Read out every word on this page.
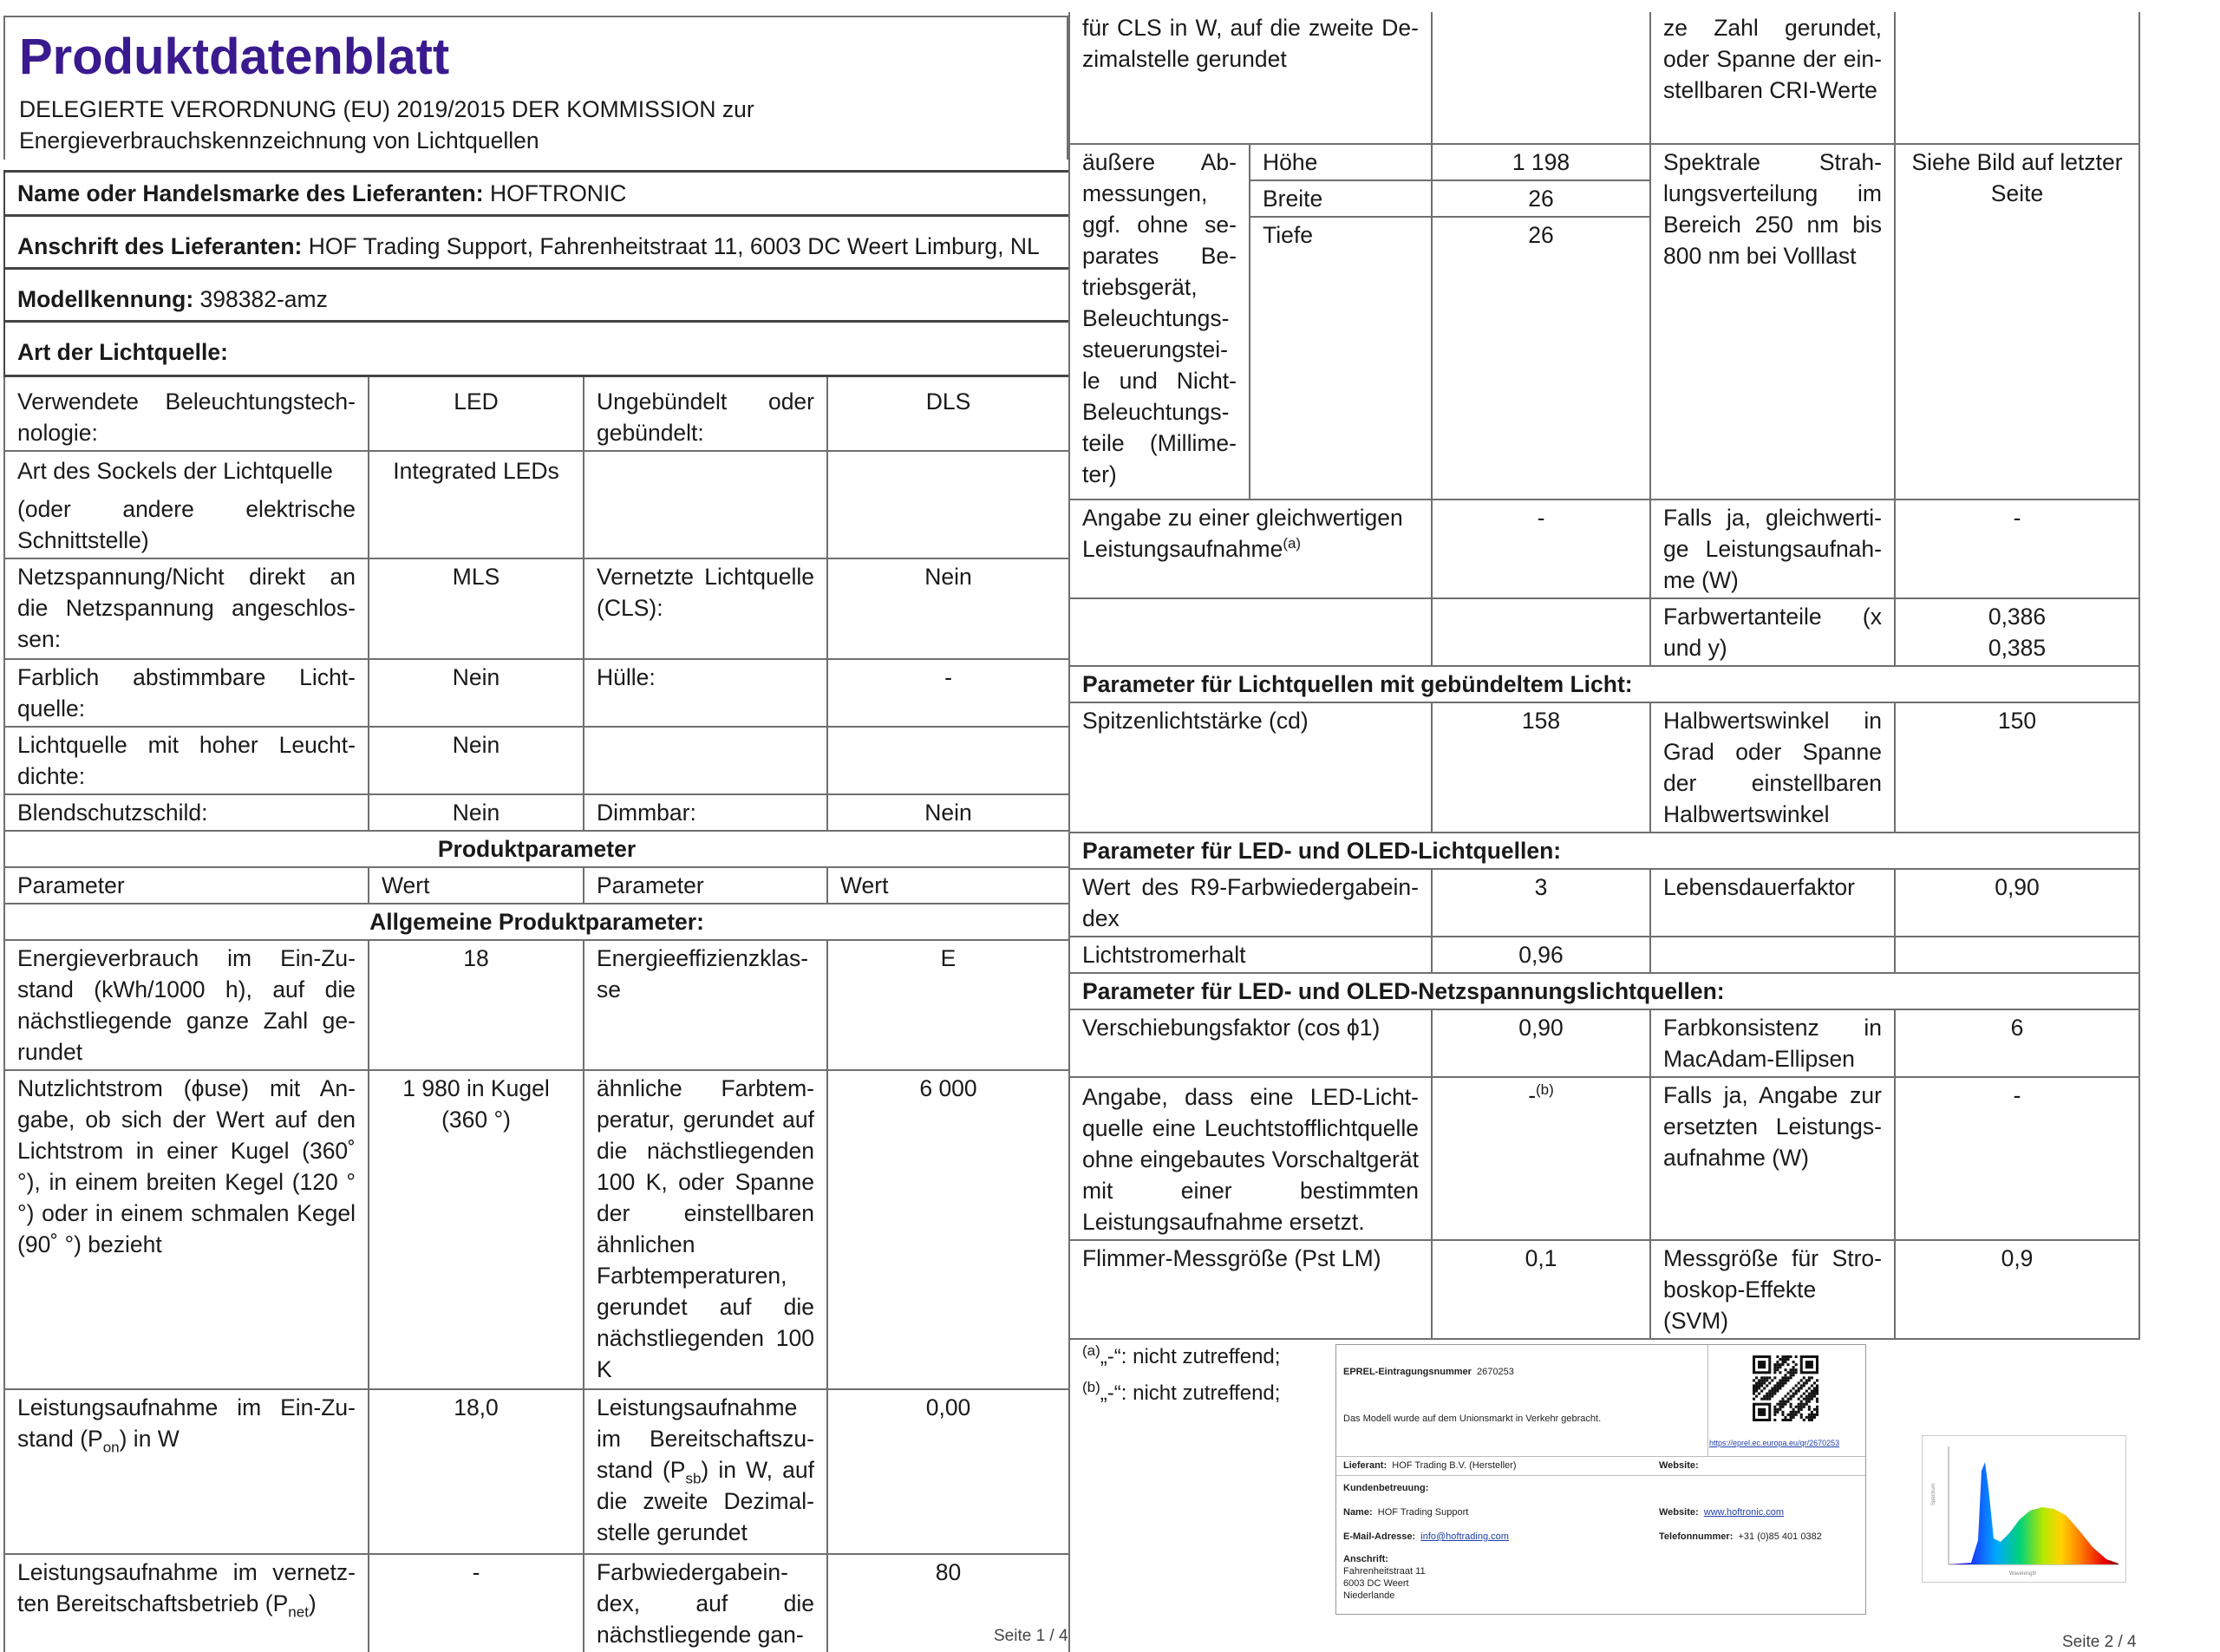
Produktdatenblatt
DELEGIERTE VERORDNUNG (EU) 2019/2015 DER KOMMISSION zur
Energieverbrauchskennzeichnung von Lichtquellen
Name oder Handelsmarke des Lieferanten: HOFTRONIC			
Anschrift des Lieferanten: HOF Trading Support, Fahrenheitstraat 11, 6003 DC Weert Limburg, NL			
Modellkennung: 398382-amz			
Art der Lichtquelle:			
Verwendete Beleuchtungstechnologie:	LED	Ungebündelt oder gebündelt:	DLS

Art des Sockels der Lichtquelle
(oder andere elektrische Schnittstelle)	Integrated LEDs		
Netzspannung/Nicht direkt an die Netzspannung angeschlossen:	MLS	Vernetzte Lichtquelle (CLS):	Nein
Farblich abstimmbare Lichtquelle:	Nein	Hülle:	-
Lichtquelle mit hoher Leuchtdichte:	Nein		
Blendschutzschild:	Nein	Dimmbar:	Nein
Produktparameter			
Parameter	Wert	Parameter	Wert
Allgemeine Produktparameter:			
Energieverbrauch im Ein-Zustand (kWh/1000 h), auf die nächstliegende ganze Zahl gerundet	18	Energieeffizienzklasse	E
Nutzlichtstrom (ϕuse) mit Angabe, ob sich der Wert auf den Lichtstrom in einer Kugel (360˚ °), in einem breiten Kegel (120 °°) oder in einem schmalen Kegel (90˚ °) bezieht	1 980 in Kugel (360 °)	ähnliche Farbtemperatur, gerundet auf die nächstliegenden 100 K, oder Spanne der einstellbaren ähnlichen Farbtemperaturen, gerundet auf die nächstliegenden 100 K	6 000
Leistungsaufnahme im Ein-Zustand $(P_{on})$ in W	18,0	Leistungsaufnahme im Bereitschaftszustand $(P_{sb})$ in W, auf die zweite Dezimalstelle gerundet	0,00
Leistungsaufnahme im vernetzten Bereitschaftsbetrieb $(P_{net})$	-	Farbwiedergabeindex, auf die nächstliegende gan-	80
Seite 1 / 4
für CLS in W, auf die zweite Dezimalstelle gerundet			ze Zahl gerundet, oder Spanne der einstellbaren CRI-Werte	
äußere Abmessungen, ggf. ohne separates Betriebsgerät, Beleuchtungssteuerungsteile und Nicht-Beleuchtungsteile (Millimeter)	Höhe	1 198	Spektrale Strahlungsverteilung im Bereich 250 nm bis 800 nm bei Volllast	Siehe Bild auf letzter Seite
	Breite	26		
	Tiefe	26		
Angabe zu einer gleichwertigen Leistungsaufnahme$^{(a)}$		-	Falls ja, gleichwertige Leistungsaufnahme (W)	-
			Farbwertanteile (x und y)	0,386
0,385

Parameter für Lichtquellen mit gebündeltem Licht:				
Spitzenlichtstärke (cd)		158	Halbwertswinkel in Grad oder Spanne der einstellbaren Halbwertswinkel	150
Parameter für LED- und OLED-Lichtquellen:				
Wert des R9-Farbwiedergabeindex		3	Lebensdauerfaktor	0,90
Lichtstromerhalt		0,96		
Parameter für LED- und OLED-Netzspannungslichtquellen:				
Verschiebungsfaktor (cos ϕ1)		0,90	Farbkonsistenz in MacAdam-Ellipsen	6
Angabe, dass eine LED-Lichtquelle eine Leuchtstofflichtquelle ohne eingebautes Vorschaltgerät mit einer bestimmten Leistungsaufnahme ersetzt.		-$^{(b)}$	Falls ja, Angabe zur ersetzten Leistungsaufnahme (W)	-
Flimmer-Messgröße (Pst LM)		0,1	Messgröße für Stroboskop-Effekte (SVM)	0,9
$^{(a)}$„-“: nicht zutreffend;
$^{(b)}$„-“: nicht zutreffend;
Seite 2 / 4
EPREL-Eintragungsnummer 2670253
Das Modell wurde auf dem Unionsmarkt in Verkehr gebracht.
https://eprel.ec.europa.eu/qr/2670253
Lieferant: HOF Trading B.V. (Hersteller)	Website:
Kundenbetreuung:
Name: HOF Trading Support	Website: www.hoftronic.com
E-Mail-Adresse: info@hoftrading.com	Telefonnummer: +31 (0)85 401 0382
Anschrift:
Fahrenheitstraat 11
6003 DC Weert
Niederlande
Spectrum
Wavelength
